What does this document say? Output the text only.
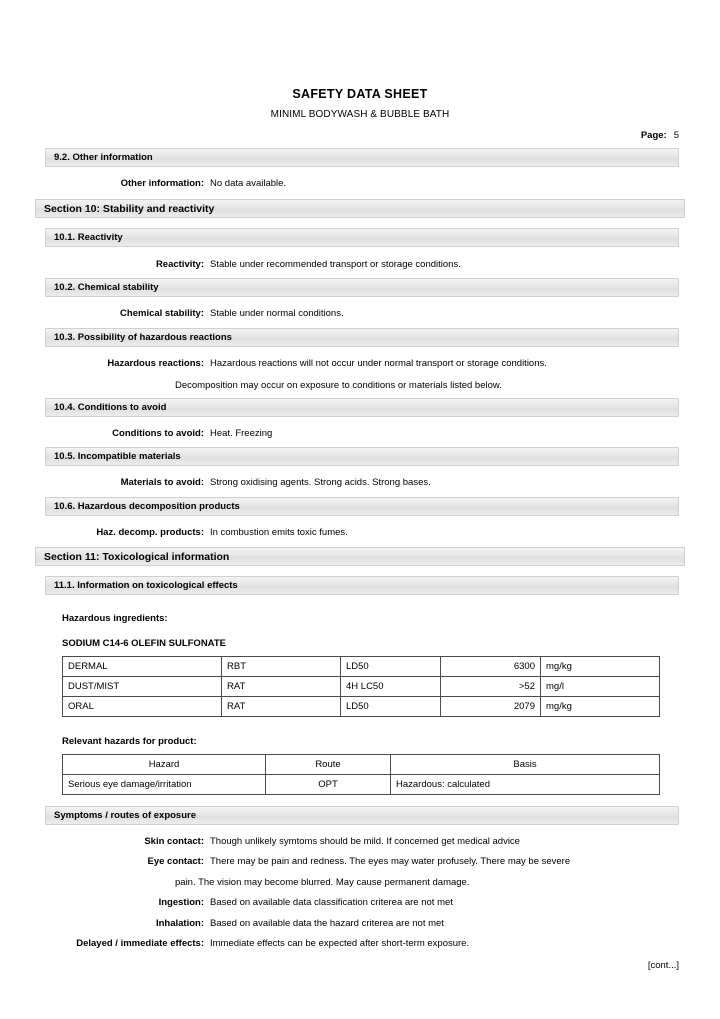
SAFETY DATA SHEET
MINIML BODYWASH & BUBBLE BATH
Page: 5
9.2. Other information
Other information: No data available.
Section 10: Stability and reactivity
10.1. Reactivity
Reactivity: Stable under recommended transport or storage conditions.
10.2. Chemical stability
Chemical stability: Stable under normal conditions.
10.3. Possibility of hazardous reactions
Hazardous reactions: Hazardous reactions will not occur under normal transport or storage conditions.
Decomposition may occur on exposure to conditions or materials listed below.
10.4. Conditions to avoid
Conditions to avoid: Heat. Freezing
10.5. Incompatible materials
Materials to avoid: Strong oxidising agents. Strong acids. Strong bases.
10.6. Hazardous decomposition products
Haz. decomp. products: In combustion emits toxic fumes.
Section 11: Toxicological information
11.1. Information on toxicological effects
Hazardous ingredients:
SODIUM C14-6 OLEFIN SULFONATE
DERMAL	RBT	LD50	6300	mg/kg
DUST/MIST	RAT	4H LC50	>52	mg/l
ORAL	RAT	LD50	2079	mg/kg
Relevant hazards for product:
Hazard	Route	Basis
Serious eye damage/irritation	OPT	Hazardous: calculated
Symptoms / routes of exposure
Skin contact: Though unlikely symtoms should be mild. If concerned get medical advice
Eye contact: There may be pain and redness. The eyes may water profusely. There may be severe
pain. The vision may become blurred. May cause permanent damage.
Ingestion: Based on available data classification criterea are not met
Inhalation: Based on available data the hazard criterea are not met
Delayed / immediate effects: Immediate effects can be expected after short-term exposure.
[cont...]
